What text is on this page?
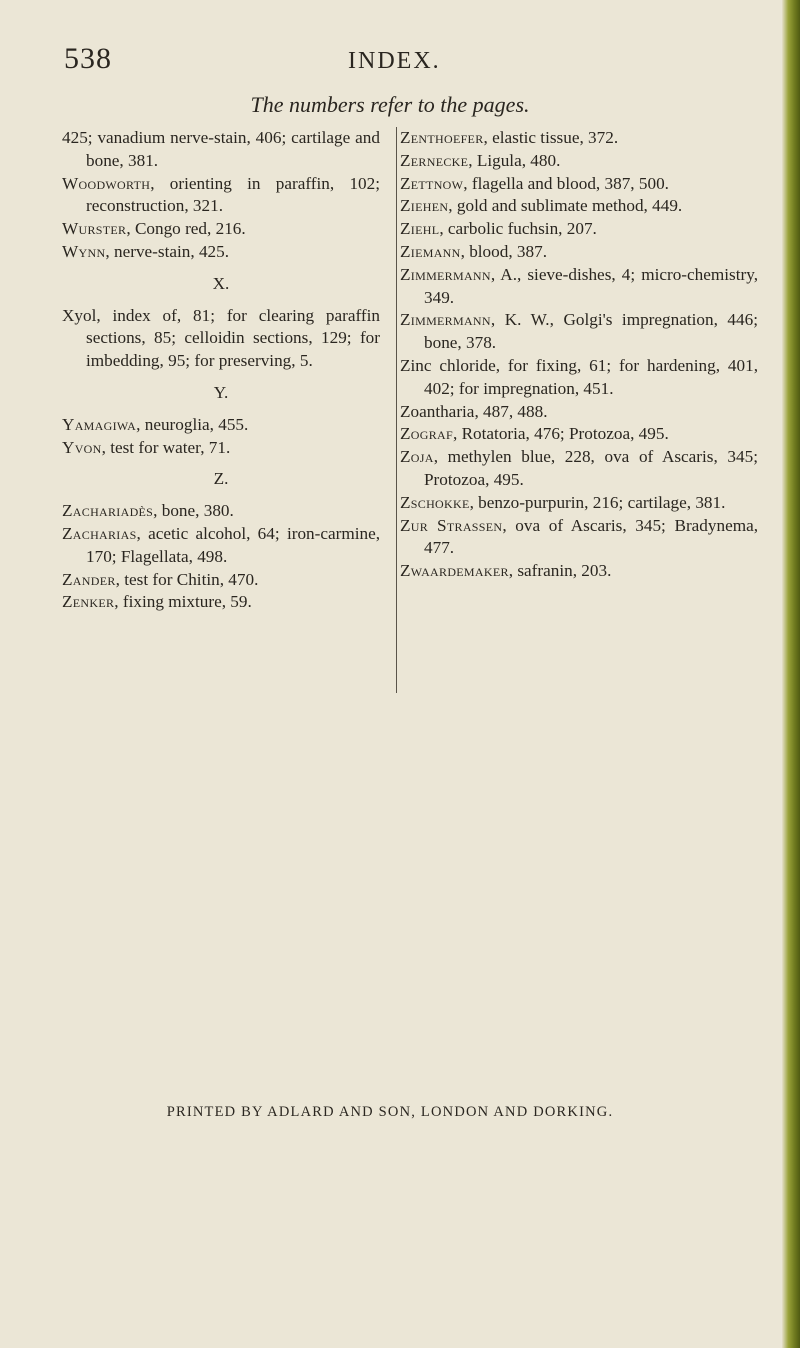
538	INDEX.
The numbers refer to the pages.
425; vanadium nerve-stain, 406; cartilage and bone, 381.
Woodworth, orienting in paraffin, 102; reconstruction, 321.
Wurster, Congo red, 216.
Wynn, nerve-stain, 425.
X.
Xyol, index of, 81; for clearing paraffin sections, 85; celloidin sections, 129; for imbedding, 95; for preserving, 5.
Y.
Yamagiwa, neuroglia, 455.
Yvon, test for water, 71.
Z.
Zachariadès, bone, 380.
Zacharias, acetic alcohol, 64; iron-carmine, 170; Flagellata, 498.
Zander, test for Chitin, 470.
Zenker, fixing mixture, 59.
Zenthoefer, elastic tissue, 372.
Zernecke, Ligula, 480.
Zettnow, flagella and blood, 387, 500.
Ziehen, gold and sublimate method, 449.
Ziehl, carbolic fuchsin, 207.
Ziemann, blood, 387.
Zimmermann, A., sieve-dishes, 4; micro-chemistry, 349.
Zimmermann, K. W., Golgi's impregnation, 446; bone, 378.
Zinc chloride, for fixing, 61; for hardening, 401, 402; for impregnation, 451.
Zoantharia, 487, 488.
Zograf, Rotatoria, 476; Protozoa, 495.
Zoja, methylen blue, 228, ova of Ascaris, 345; Protozoa, 495.
Zschokke, benzo-purpurin, 216; cartilage, 381.
Zur Strassen, ova of Ascaris, 345; Bradynema, 477.
Zwaardemaker, safranin, 203.
PRINTED BY ADLARD AND SON, LONDON AND DORKING.
